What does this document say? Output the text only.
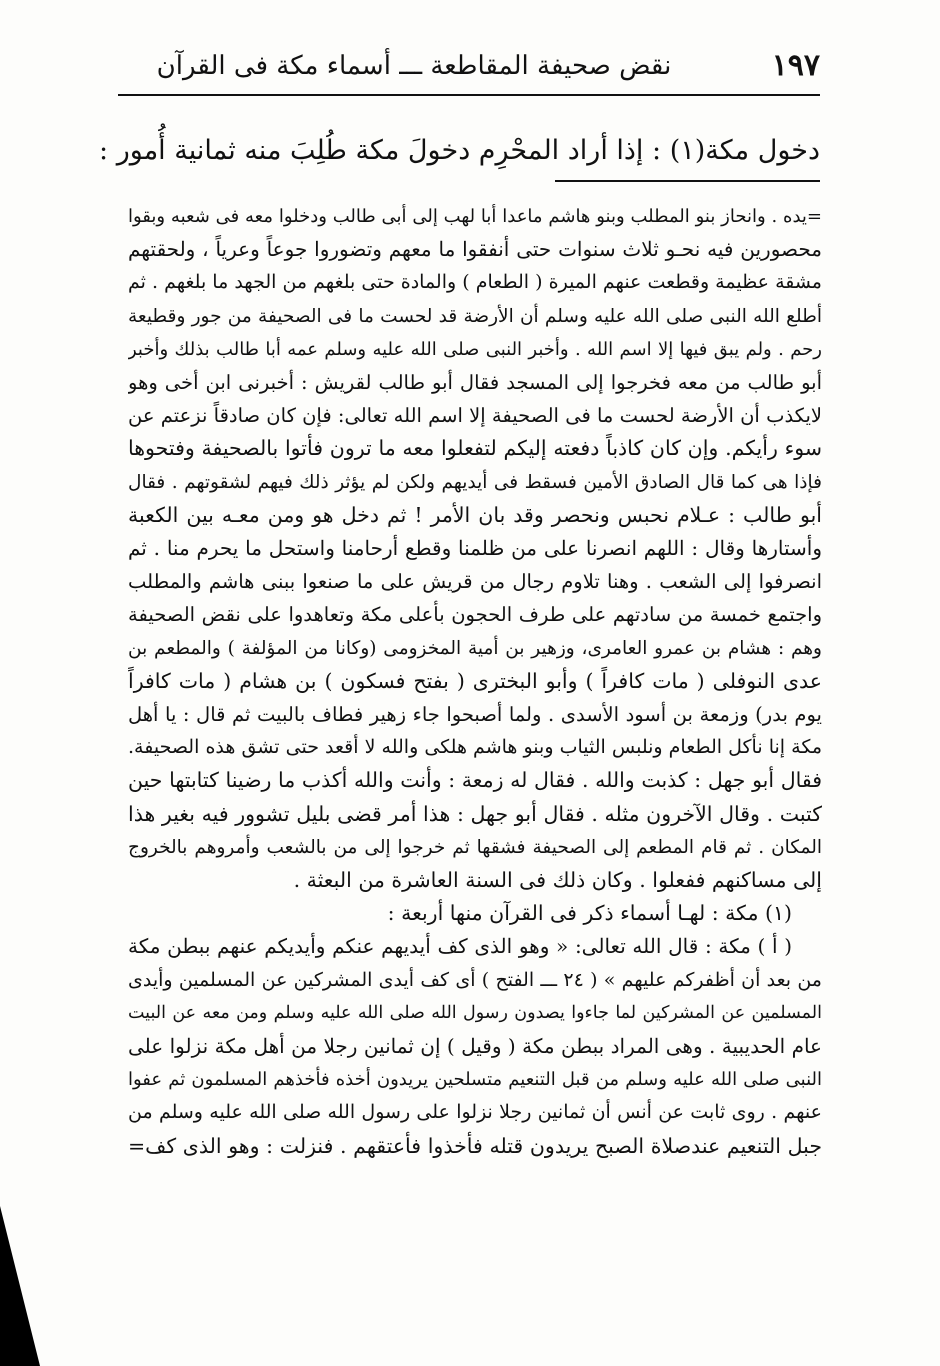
١٩٧
نقض صحيفة المقاطعة ـــ أسماء مكة فى القرآن
دخول مكة(١) : إذا أراد المحْرِم دخولَ مكة طُلِبَ منه ثمانية أُمور :
=يده . وانحاز بنو المطلب وبنو هاشم ماعدا أبا لهب إلى أبى طالب ودخلوا معه فى شعبه وبقوا
محصورين فيه نحـو ثلاث سنوات حتى أنفقوا ما معهم وتضوروا جوعاً وعرياً ، ولحقتهم
مشقة عظيمة وقطعت عنهم الميرة ( الطعام ) والمادة حتى بلغهم من الجهد ما بلغهم . ثم
أطلع الله النبى صلى الله عليه وسلم أن الأرضة قد لحست ما فى الصحيفة من جور وقطيعة
رحم . ولم يبق فيها إلا اسم الله . وأخبر النبى صلى الله عليه وسلم عمه أبا طالب بذلك وأخبر
أبو طالب من معه فخرجوا إلى المسجد فقال أبو طالب لقريش : أخبرنى ابن أخى وهو
لايكذب أن الأرضة لحست ما فى الصحيفة إلا اسم الله تعالى: فإن كان صادقاً نزعتم عن
سوء رأيكم. وإن كان كاذباً دفعته إليكم لتفعلوا معه ما ترون فأتوا بالصحيفة وفتحوها
فإذا هى كما قال الصادق الأمين فسقط فى أيديهم ولكن لم يؤثر ذلك فيهم لشقوتهم . فقال
أبو طالب : عـلام نحبس ونحصر وقد بان الأمر ! ثم دخل هو ومن معـه بين الكعبة
وأستارها وقال : اللهم انصرنا على من ظلمنا وقطع أرحامنا واستحل ما يحرم منا . ثم
انصرفوا إلى الشعب . وهنا تلاوم رجال من قريش على ما صنعوا ببنى هاشم والمطلب
واجتمع خمسة من سادتهم على طرف الحجون بأعلى مكة وتعاهدوا على نقض الصحيفة
وهم : هشام بن عمرو العامرى، وزهير بن أمية المخزومى (وكانا من المؤلفة ) والمطعم بن
عدى النوفلى ( مات كافراً ) وأبو البخترى ( بفتح فسكون ) بن هشام ( مات كافراً
يوم بدر) وزمعة بن أسود الأسدى . ولما أصبحوا جاء زهير فطاف بالبيت ثم قال : يا أهل
مكة إنا نأكل الطعام ونلبس الثياب وبنو هاشم هلكى والله لا أقعد حتى تشق هذه الصحيفة.
فقال أبو جهل : كذبت والله . فقال له زمعة : وأنت والله أكذب ما رضينا كتابتها حين
كتبت . وقال الآخرون مثله . فقال أبو جهل : هذا أمر قضى بليل تشوور فيه بغير هذا
المكان . ثم قام المطعم إلى الصحيفة فشقها ثم خرجوا إلى من بالشعب وأمروهم بالخروج
إلى مساكنهم ففعلوا . وكان ذلك فى السنة العاشرة من البعثة .
(١) مكة : لهـا أسماء ذكر فى القرآن منها أربعة :
( أ ) مكة : قال الله تعالى: « وهو الذى كف أيديهم عنكم وأيديكم عنهم ببطن مكة
من بعد أن أظفركم عليهم » ( ٢٤ ـــ الفتح ) أى كف أيدى المشركين عن المسلمين وأيدى
المسلمين عن المشركين لما جاءوا يصدون رسول الله صلى الله عليه وسلم ومن معه عن البيت
عام الحديبية . وهى المراد ببطن مكة ( وقيل ) إن ثمانين رجلا من أهل مكة نزلوا على
النبى صلى الله عليه وسلم من قبل التنعيم متسلحين يريدون أخذه فأخذهم المسلمون ثم عفوا
عنهم . روى ثابت عن أنس أن ثمانين رجلا نزلوا على رسول الله صلى الله عليه وسلم من
جبل التنعيم عندصلاة الصبح يريدون قتله فأخذوا فأعتقهم . فنزلت : وهو الذى كف=
